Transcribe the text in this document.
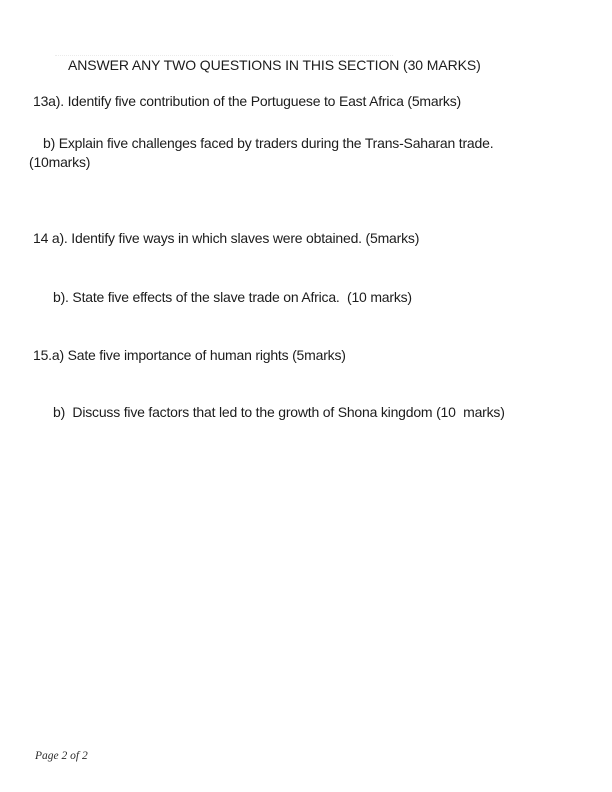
ANSWER ANY TWO QUESTIONS IN THIS SECTION (30 MARKS)
13a). Identify five contribution of the Portuguese to East Africa (5marks)
b) Explain five challenges faced by traders during the Trans-Saharan trade.
(10marks)
14 a). Identify five ways in which slaves were obtained. (5marks)
b). State five effects of the slave trade on Africa.  (10 marks)
15.a) Sate five importance of human rights (5marks)
b)  Discuss five factors that led to the growth of Shona kingdom (10  marks)
Page 2 of 2
